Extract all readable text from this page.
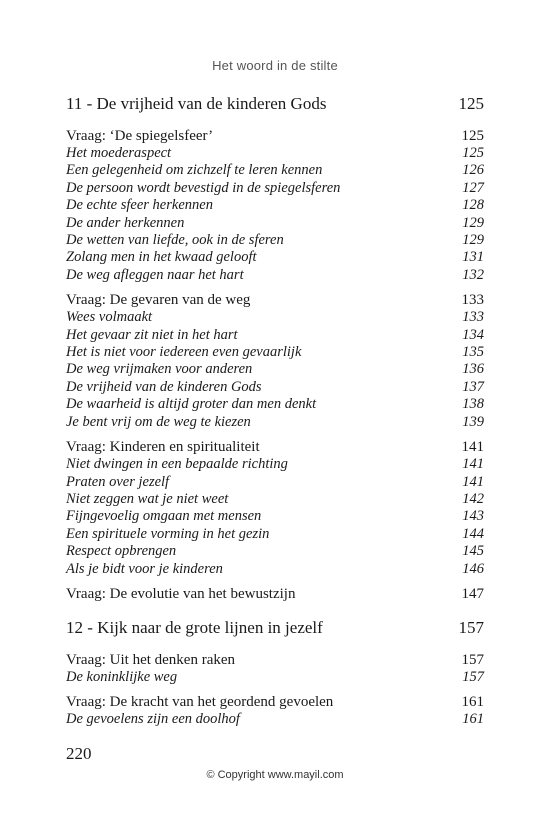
Het woord in de stilte
11 - De vrijheid van de kinderen Gods	125
Vraag: ‘De spiegelsfeer’	125
Het moederaspect	125
Een gelegenheid om zichzelf te leren kennen	126
De persoon wordt bevestigd in de spiegelsferen	127
De echte sfeer herkennen	128
De ander herkennen	129
De wetten van liefde, ook in de sferen	129
Zolang men in het kwaad gelooft	131
De weg afleggen naar het hart	132
Vraag: De gevaren van de weg	133
Wees volmaakt	133
Het gevaar zit niet in het hart	134
Het is niet voor iedereen even gevaarlijk	135
De weg vrijmaken voor anderen	136
De vrijheid van de kinderen Gods	137
De waarheid is altijd groter dan men denkt	138
Je bent vrij om de weg te kiezen	139
Vraag: Kinderen en spiritualiteit	141
Niet dwingen in een bepaalde richting	141
Praten over jezelf	141
Niet zeggen wat je niet weet	142
Fijngevoelig omgaan met mensen	143
Een spirituele vorming in het gezin	144
Respect opbrengen	145
Als je bidt voor je kinderen	146
Vraag: De evolutie van het bewustzijn	147
12 - Kijk naar de grote lijnen in jezelf	157
Vraag: Uit het denken raken	157
De koninklijke weg	157
Vraag: De kracht van het geordend gevoelen	161
De gevoelens zijn een doolhof	161
220
© Copyright www.mayil.com
